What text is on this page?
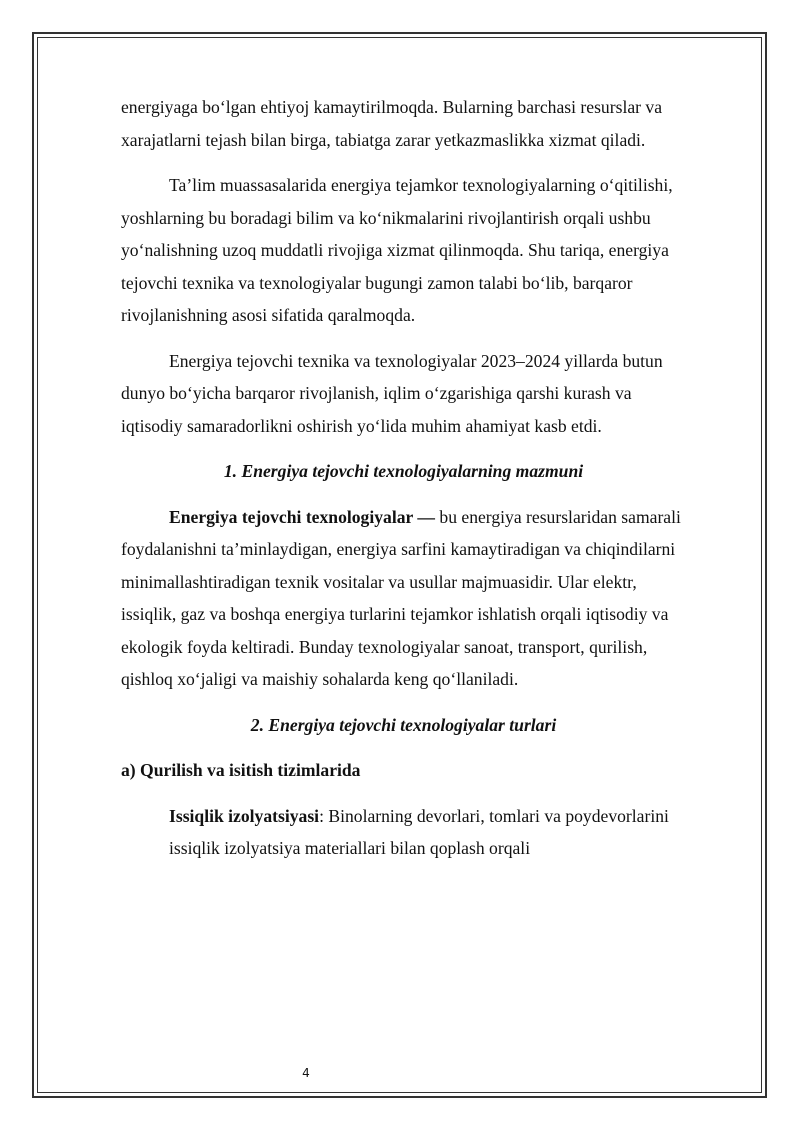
energiyaga bo‘lgan ehtiyoj kamaytirilmoqda. Bularning barchasi resurslar va xarajatlarni tejash bilan birga, tabiatga zarar yetkazmaslikka xizmat qiladi.

Ta’lim muassasalarida energiya tejamkor texnologiyalarning o‘qitilishi, yoshlarning bu boradagi bilim va ko‘nikmalarini rivojlantirish orqali ushbu yo‘nalishning uzoq muddatli rivojiga xizmat qilinmoqda. Shu tariqa, energiya tejovchi texnika va texnologiyalar bugungi zamon talabi bo‘lib, barqaror rivojlanishning asosi sifatida qaralmoqda.

Energiya tejovchi texnika va texnologiyalar 2023–2024 yillarda butun dunyo bo‘yicha barqaror rivojlanish, iqlim o‘zgarishiga qarshi kurash va iqtisodiy samaradorlikni oshirish yo‘lida muhim ahamiyat kasb etdi.

1. Energiya tejovchi texnologiyalarning mazmuni

Energiya tejovchi texnologiyalar — bu energiya resurslaridan samarali foydalanishni ta’minlaydigan, energiya sarfini kamaytiradigan va chiqindilarni minimallashtiradigan texnik vositalar va usullar majmuasidir. Ular elektr, issiqlik, gaz va boshqa energiya turlarini tejamkor ishlatish orqali iqtisodiy va ekologik foyda keltiradi. Bunday texnologiyalar sanoat, transport, qurilish, qishloq xo‘jaligi va maishiy sohalarda keng qo‘llaniladi.

2. Energiya tejovchi texnologiyalar turlari

a) Qurilish va isitish tizimlarida

Issiqlik izolyatsiyasi: Binolarning devorlari, tomlari va poydevorlarini issiqlik izolyatsiya materiallari bilan qoplash orqali

4
